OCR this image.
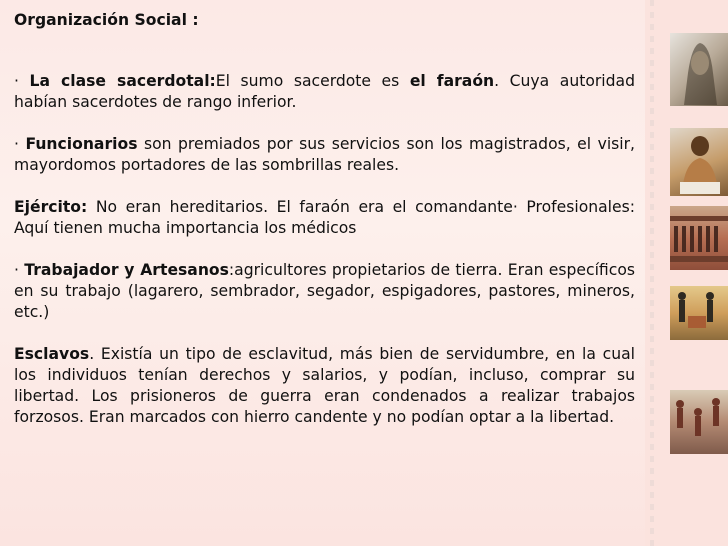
Organización Social :
· La clase sacerdotal:El sumo sacerdote es el faraón. Cuya autoridad habían sacerdotes de rango inferior.
· Funcionarios son premiados por sus servicios son los magistrados, el visir, mayordomos portadores de las sombrillas reales.
Ejército: No eran hereditarios. El faraón era el comandante· Profesionales: Aquí tienen mucha importancia los médicos
· Trabajador y Artesanos:agricultores propietarios de tierra. Eran específicos en su trabajo (lagarero, sembrador, segador, espigadores, pastores, mineros, etc.)
Esclavos. Existía un tipo de esclavitud, más bien de servidumbre, en la cual los individuos tenían derechos y salarios, y podían, incluso, comprar su libertad. Los prisioneros de guerra eran condenados a realizar trabajos forzosos. Eran marcados con hierro candente y no podían optar a la libertad.
